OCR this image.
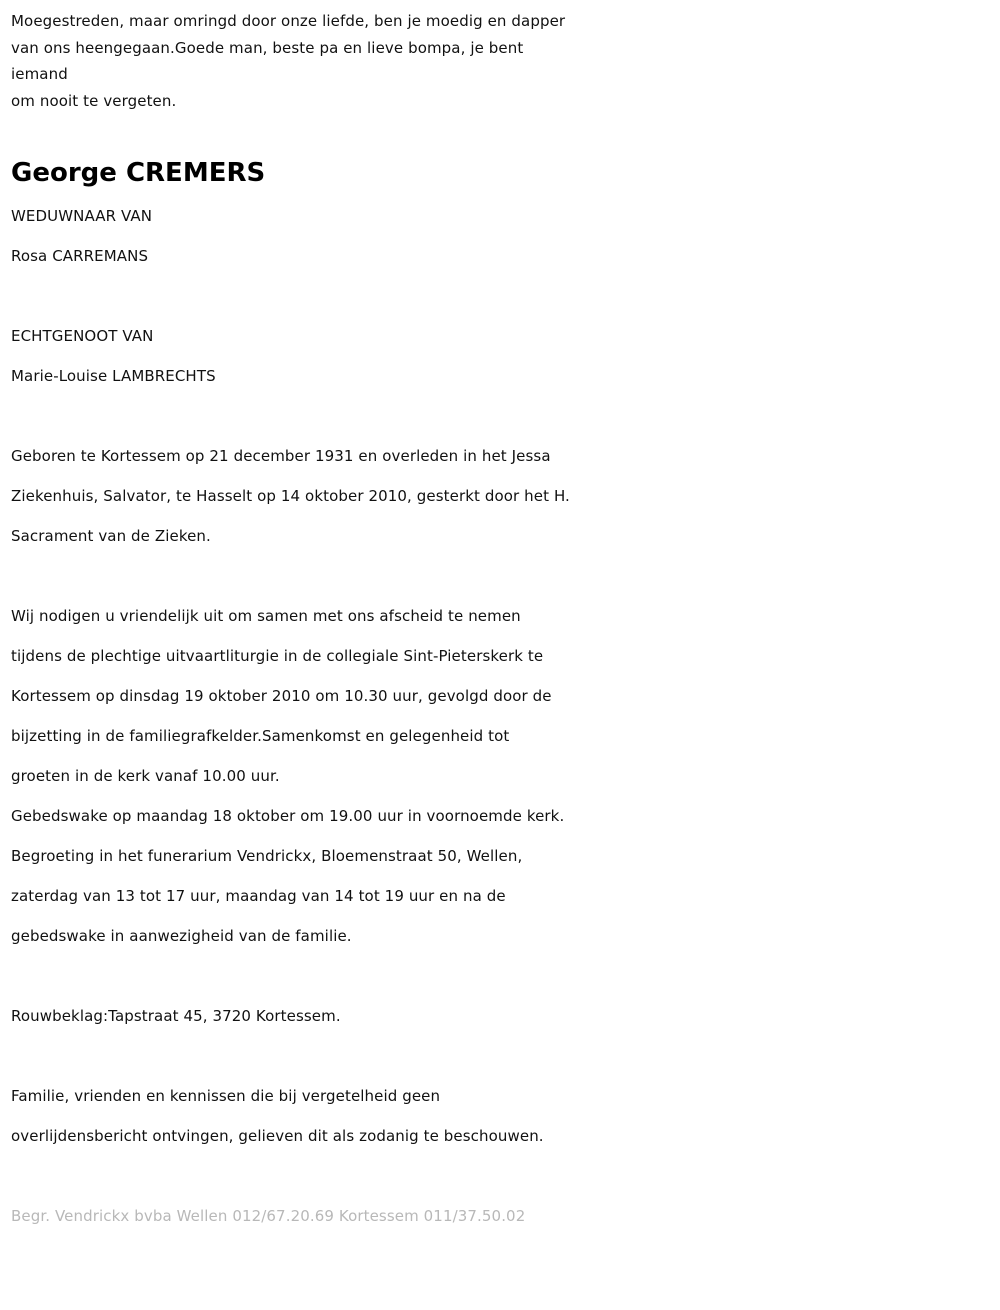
Moegestreden, maar omringd door onze liefde, ben je moedig en dapper
van ons heengegaan.Goede man, beste pa en lieve bompa, je bent
iemand
om nooit te vergeten.
George CREMERS
WEDUWNAAR VAN
Rosa CARREMANS
ECHTGENOOT VAN
Marie-Louise LAMBRECHTS
Geboren te Kortessem op 21 december 1931 en overleden in het Jessa
Ziekenhuis, Salvator, te Hasselt op 14 oktober 2010, gesterkt door het H.
Sacrament van de Zieken.
Wij nodigen u vriendelijk uit om samen met ons afscheid te nemen
tijdens de plechtige uitvaartliturgie in de collegiale Sint-Pieterskerk te
Kortessem op dinsdag 19 oktober 2010 om 10.30 uur, gevolgd door de
bijzetting in de familiegrafkelder.Samenkomst en gelegenheid tot
groeten in de kerk vanaf 10.00 uur.
Gebedswake op maandag 18 oktober om 19.00 uur in voornoemde kerk.
Begroeting in het funerarium Vendrickx, Bloemenstraat 50, Wellen,
zaterdag van 13 tot 17 uur, maandag van 14 tot 19 uur en na de
gebedswake in aanwezigheid van de familie.
Rouwbeklag:Tapstraat 45, 3720 Kortessem.
Familie, vrienden en kennissen die bij vergetelheid geen
overlijdensbericht ontvingen, gelieven dit als zodanig te beschouwen.
Begr. Vendrickx bvba Wellen 012/67.20.69 Kortessem 011/37.50.02
